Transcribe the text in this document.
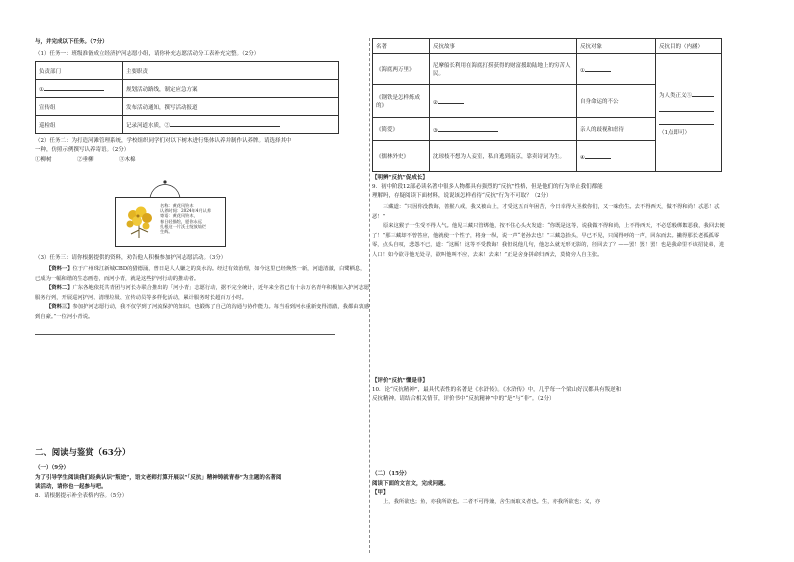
与，并完成以下任务。（7分）

（1）任务一：班级准备成立经济护河志愿小组，请你补充志愿活动分工表补充完整。（2分）

负责部门	主要职责
①	规划活动路线，制定应急方案
宣传组	发布活动通知，撰写活动报道
巡检组	记录河道水质，②

（2）任务二：为打造河滩管理系统，学校组织同学们对以下树木进行集体认养并制作认养牌。请选择其中

一种，仿照示例撰写认养寄语。（2分）

①柳树	②垂柳	③木棉

名称：黄花风铃木
认养时间：2024年4月认养
寄语：黄花风铃木，
春日轻描绘，愿你永远
扎根这一片沃土绽放灿烂
生辉。

（3）任务三：请你根据提供的资料，劝告他人积极参加护河志愿活动。（3分）

【资料一】位于广州珠江新城CBD的猎德涌，曾日是人人嫌之的臭水沟。经过有效治理，如今这里已经焕然一新，河道清澈，白鹭栖息，已成为一幅和谐的生态画卷，而河小青，就是这些护河行动的推动者。

【资料二】广东各地依托共青团与河长办联合推出的「河小青」志愿行动，据不完全统计，近年来全省已有十余万名青年积极加入护河志愿服务行列，开展巡河护河、清理垃圾、宣传动员等多样化活动，累计服务时长超百万小时。

【资料三】参加护河志愿行动，我不仅学到了河流保护的知识，也锻炼了自己的沟通与协作能力。每当看到河水重新变得清澈，我都由衷感到自豪。”一位河小青说。

二、阅读与鉴赏（63分）

（一）（9分）

为了引导学生阅读我们经典认识“叛逆”，语文老师打算开展以“「反抗」精神铸就青春”为主题的名著阅

读活动，请你也一起参与吧。

8．请根据提示补全表格内容。（5分）

名著	反抗故事	反抗对象	反抗目的（内涵）
《海底两万里》	尼摩船长利用在海底打捞获得的财富援助陆地上的穷苦人民。	①	为人类正义⑤
（1点即可）

《钢铁是怎样炼成的》	②	自身命运的不公	
《简爱》	③	亲人的歧视和虐待	
《儒林外史》	沈琼枝不想为人妾室，私自逃到南京，靠卖诗词为生。	④	

【明辨“反抗”促成长】

9．初中阶段12部必读名著中很多人物都具有强烈的“反抗”性格，但是他们的行为举止我们都能

理解吗，存疑阅读下面材料，说说该怎样看待“反抗”行为不可取？（2分）

三藏道：“只因你没教诲，善猴八戒，我又被山上，才受这五百年困苦，今日幸得大圣救你们，又一味伤生。去不得西天，做不得和尚！忒恶！忒恶！”

原来这猴子一生受不得人气。他见三藏只管绑他，按不住心头火发道：“你既是这等，说我做不得和尚，上不得西天，不必恁般绑絮恶我，我回去便了！”那三藏却不曾答应，他就使一个性子，将身一纵，说一声“老孙去也！”三藏急抬头，早已不见，只闻得呼的一声，回东而去。撇得那长老孤孤零零，点头自叹，悲怨不已，道：“这厮！这等不受教诲！我但说他几句，他怎么就无形无影的，径回去了？——罢！罢！罢！也是我命里不该招徒弟，进人口！如今欲寻他无处寻，欲叫他叫不应，去来！去来！”正是舍身拼命归西去，莫倚旁人自主张。

【评价“反抗”懂是非】

10．论“反抗精神”，最具代表性的名著是《水浒传》。《水浒传》中，几乎每一个梁山好汉都具有叛逆和

反抗精神。请结合相关情节，评价书中“反抗精神”中的“是”与“非”。（2分）

（二）（15分）

阅读下面的文言文，完成问题。

【甲】

上，我所欲也；鱼，亦我所欲也。二者不可得兼，舍生而取义者也。生，亦我所欲也；义，亦
